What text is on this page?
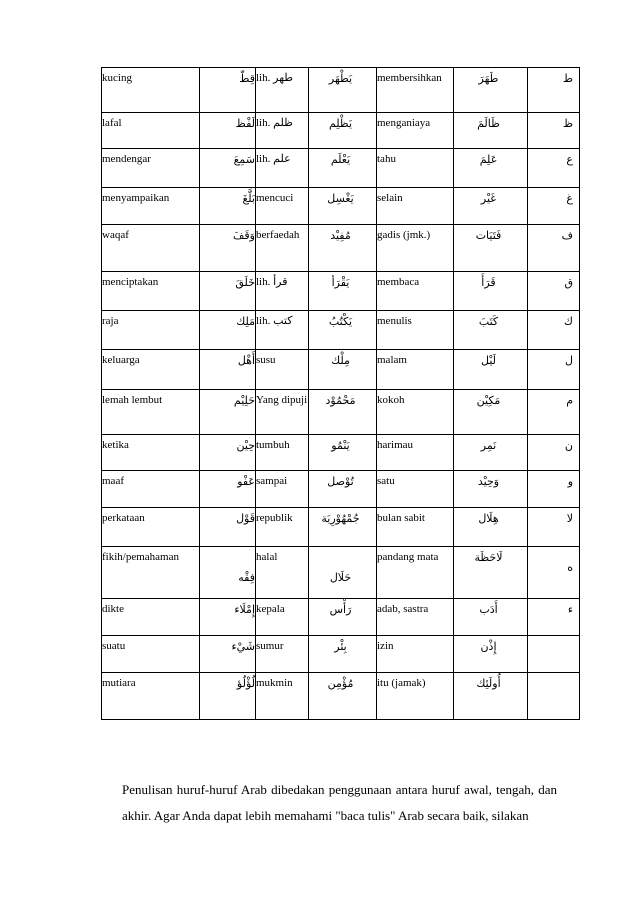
kucing	قِطّ	lih. طهر	يَطْهَر	membersihkan	طَهَرَ	ط
lafal	لَفْظ	lih. ظلم	يَظْلِم	menganiaya	ظَالَمَ	ظ
mendengar	سَمِعَ	lih. علم	يَعْلَم	tahu	عَلِمَ	ع
menyampaikan	بَلَّغَ	mencuci	يَغْسِل	selain	غَيْر	غ
waqaf	وَقَفَ	berfaedah	مُفِيْد	gadis (jmk.)	فَتَيَات	ف
menciptakan	خَلَقَ	lih. قرأ	يَقْرَأ	membaca	قَرَأَ	ق
raja	مَلِك	lih. كتب	يَكْتُبُ	menulis	كَتَبَ	ك
keluarga	أَهْل	susu	مِلْك	malam	لَيْل	ل
lemah lembut	حَلِيْم	Yang dipuji	مَحْمُوْد	kokoh	مَكِيْن	م
ketika	حِيْن	tumbuh	يَنْمُو	harimau	نَمِر	ن
maaf	عَفْو	sampai	تُوْصل	satu	وَحِيْد	و
perkataan	قَوْل	republik	جُمْهُوْرِيَة	bulan sabit	هِلَال	لا
fikih/pemahaman	فِقْه	halal	حَلَال	pandang mata	لَاحَظَة	ه
dikte	إِمْلَاء	kepala	رَأْس	adab, sastra	أَدَب	ء
suatu	شَيْء	sumur	بِئْر	izin	إِذْن	
mutiara	لُؤْلُؤ	mukmin	مُؤْمِن	itu (jamak)	أُولَئِك	

Penulisan huruf-huruf Arab dibedakan penggunaan antara huruf awal, tengah, dan akhir. Agar Anda dapat lebih memahami "baca tulis" Arab secara baik, silakan
